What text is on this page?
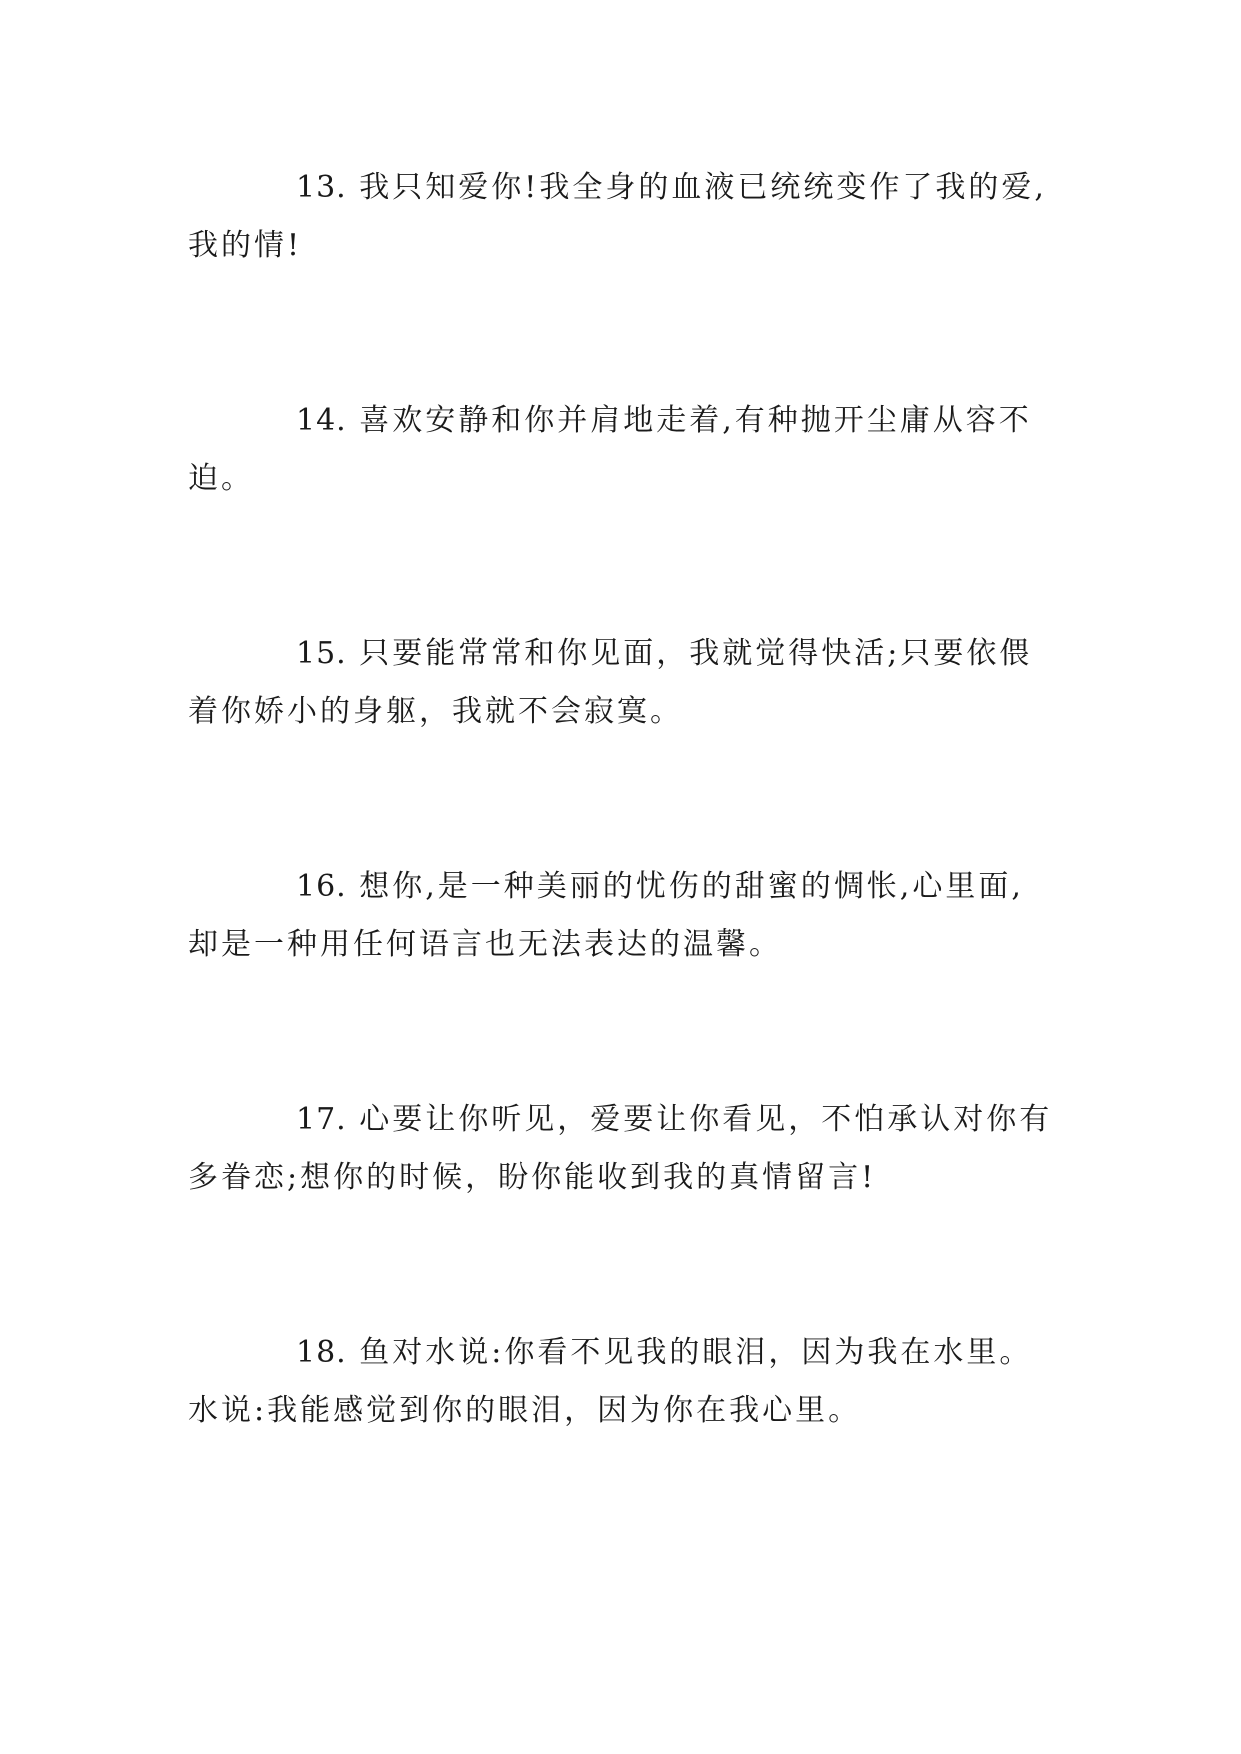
13. 我只知爱你!我全身的血液已统统变作了我的爱,
我的情!

14. 喜欢安静和你并肩地走着,有种抛开尘庸从容不
迫。

15. 只要能常常和你见面，我就觉得快活;只要依偎
着你娇小的身躯，我就不会寂寞。

16. 想你,是一种美丽的忧伤的甜蜜的惆怅,心里面,
却是一种用任何语言也无法表达的温馨。

17. 心要让你听见，爱要让你看见，不怕承认对你有
多眷恋;想你的时候，盼你能收到我的真情留言!

18. 鱼对水说:你看不见我的眼泪，因为我在水里。
水说:我能感觉到你的眼泪，因为你在我心里。
